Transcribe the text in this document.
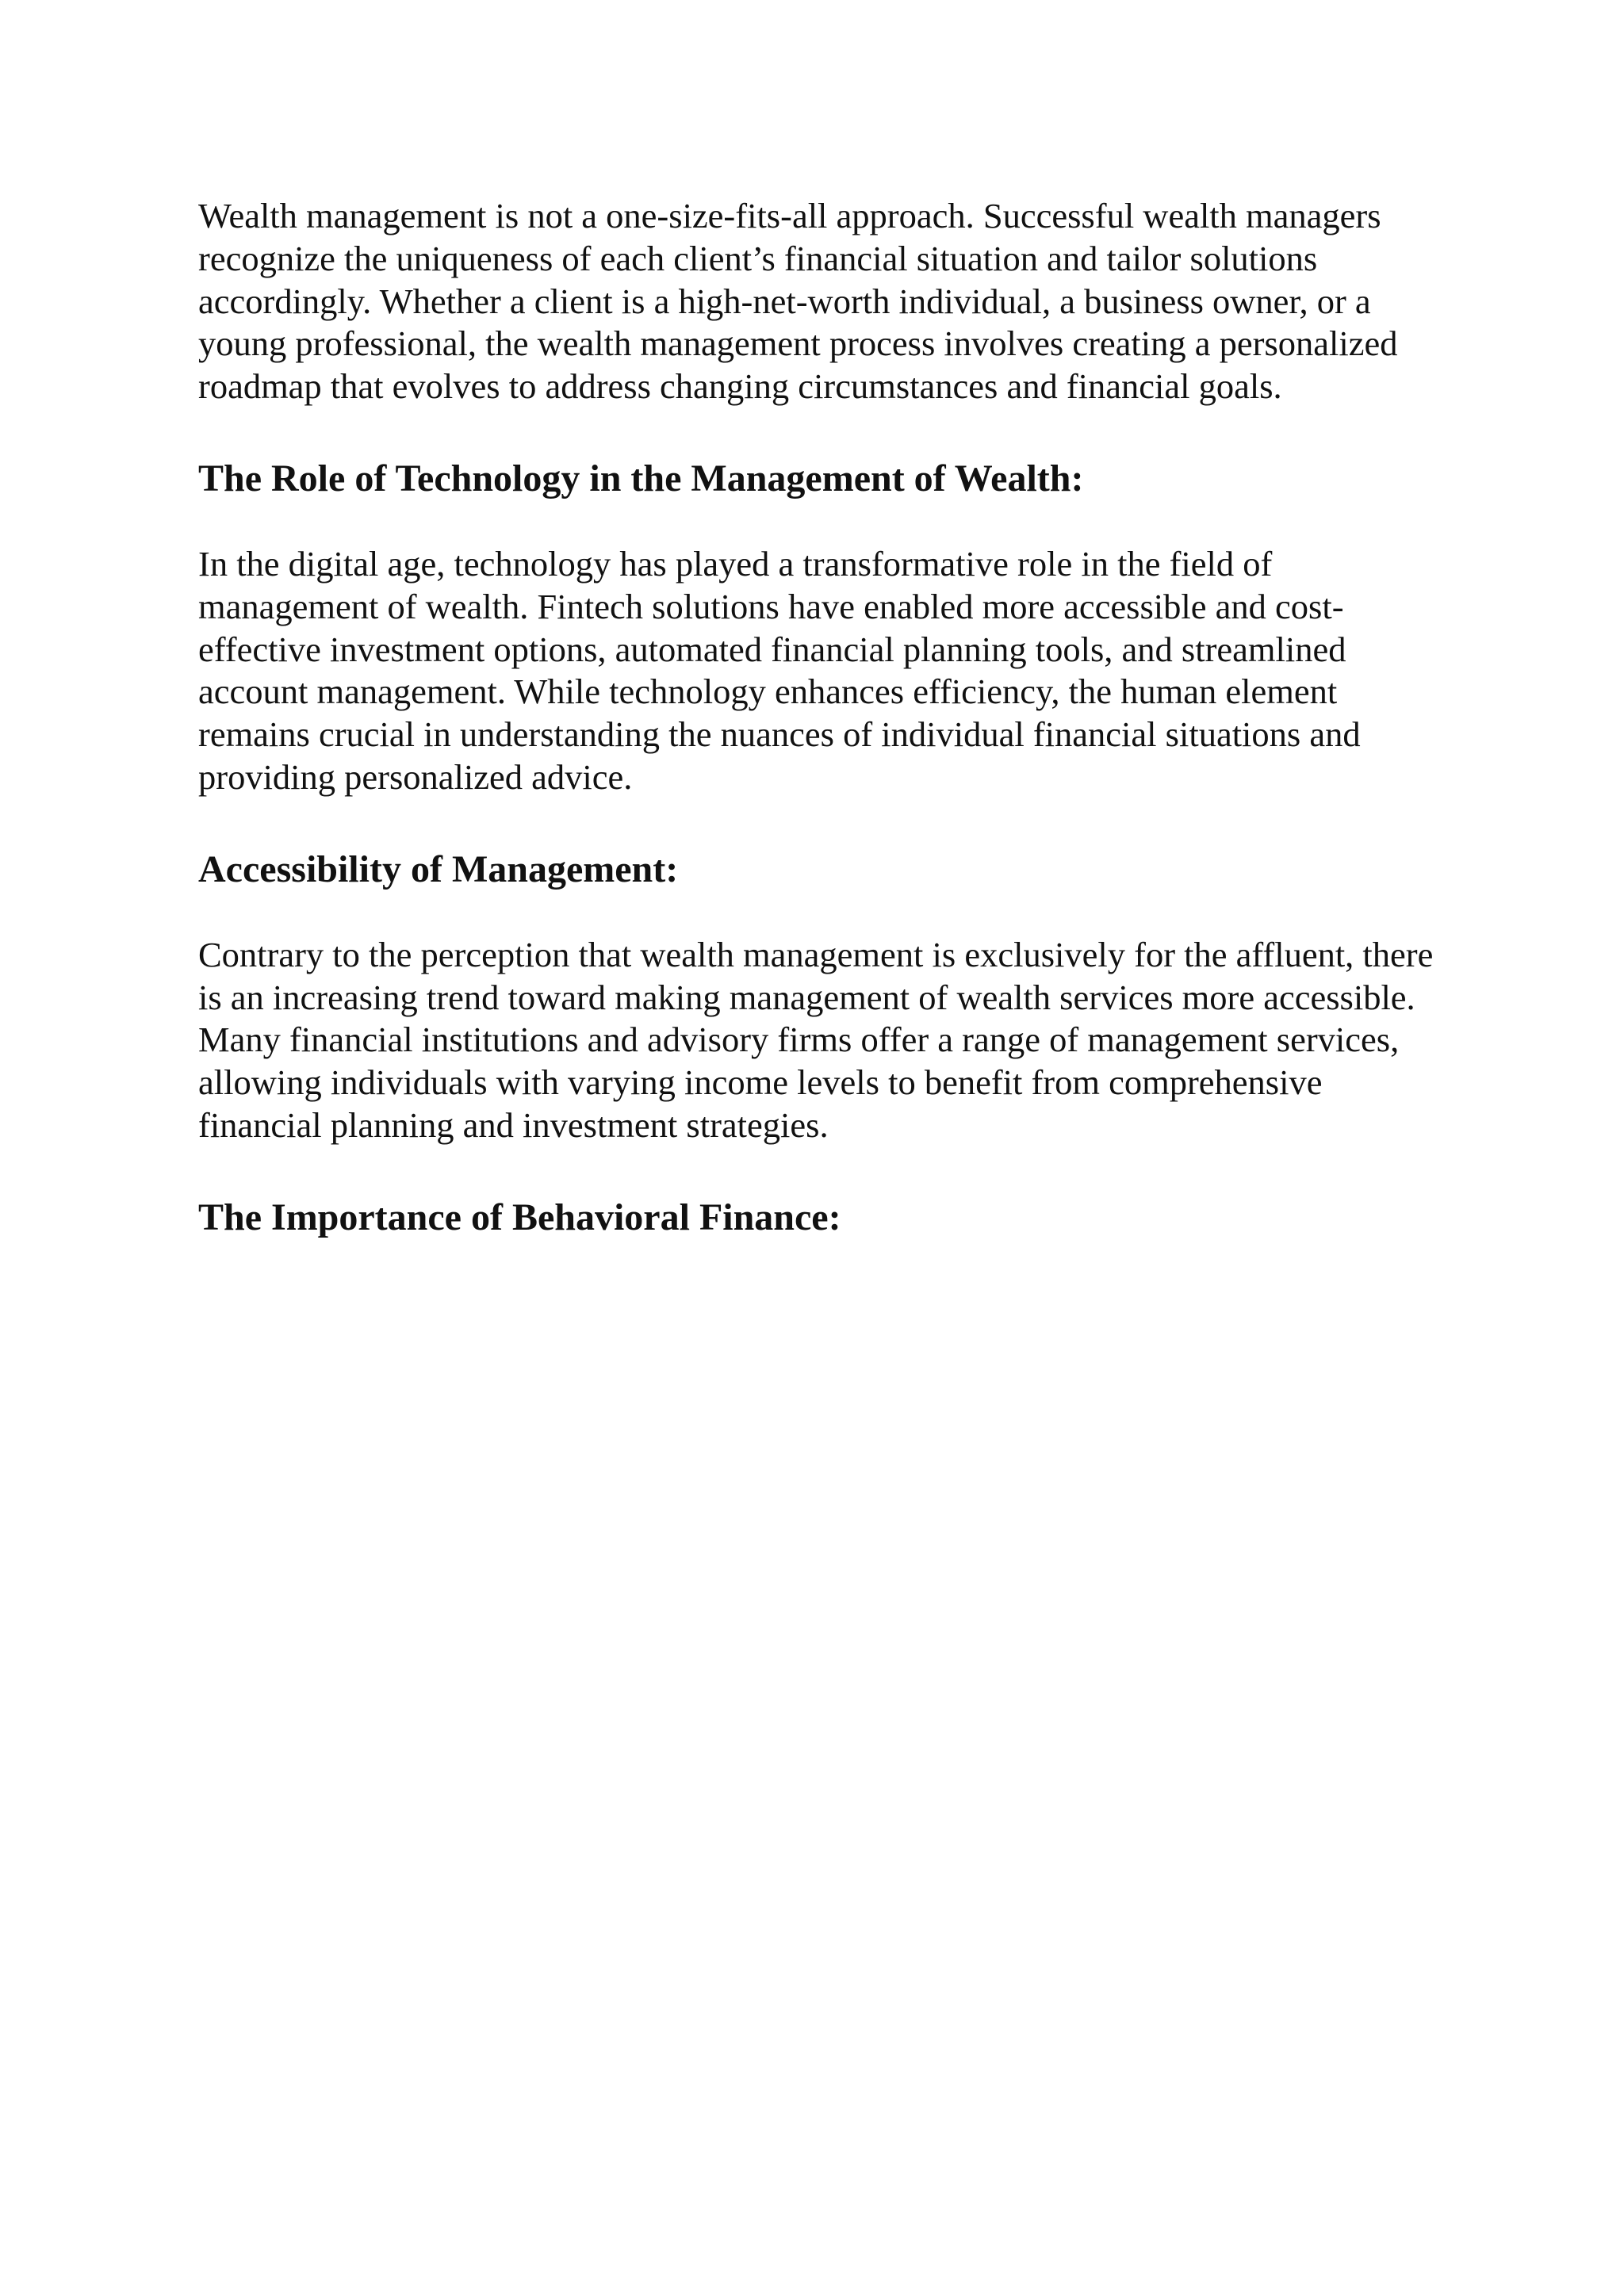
Wealth management is not a one-size-fits-all approach. Successful wealth managers recognize the uniqueness of each client’s financial situation and tailor solutions accordingly. Whether a client is a high-net-worth individual, a business owner, or a young professional, the wealth management process involves creating a personalized roadmap that evolves to address changing circumstances and financial goals.

The Role of Technology in the Management of Wealth:

In the digital age, technology has played a transformative role in the field of management of wealth. Fintech solutions have enabled more accessible and cost-effective investment options, automated financial planning tools, and streamlined account management. While technology enhances efficiency, the human element remains crucial in understanding the nuances of individual financial situations and providing personalized advice.

Accessibility of Management:

Contrary to the perception that wealth management is exclusively for the affluent, there is an increasing trend toward making management of wealth services more accessible. Many financial institutions and advisory firms offer a range of management services, allowing individuals with varying income levels to benefit from comprehensive financial planning and investment strategies.

The Importance of Behavioral Finance:
